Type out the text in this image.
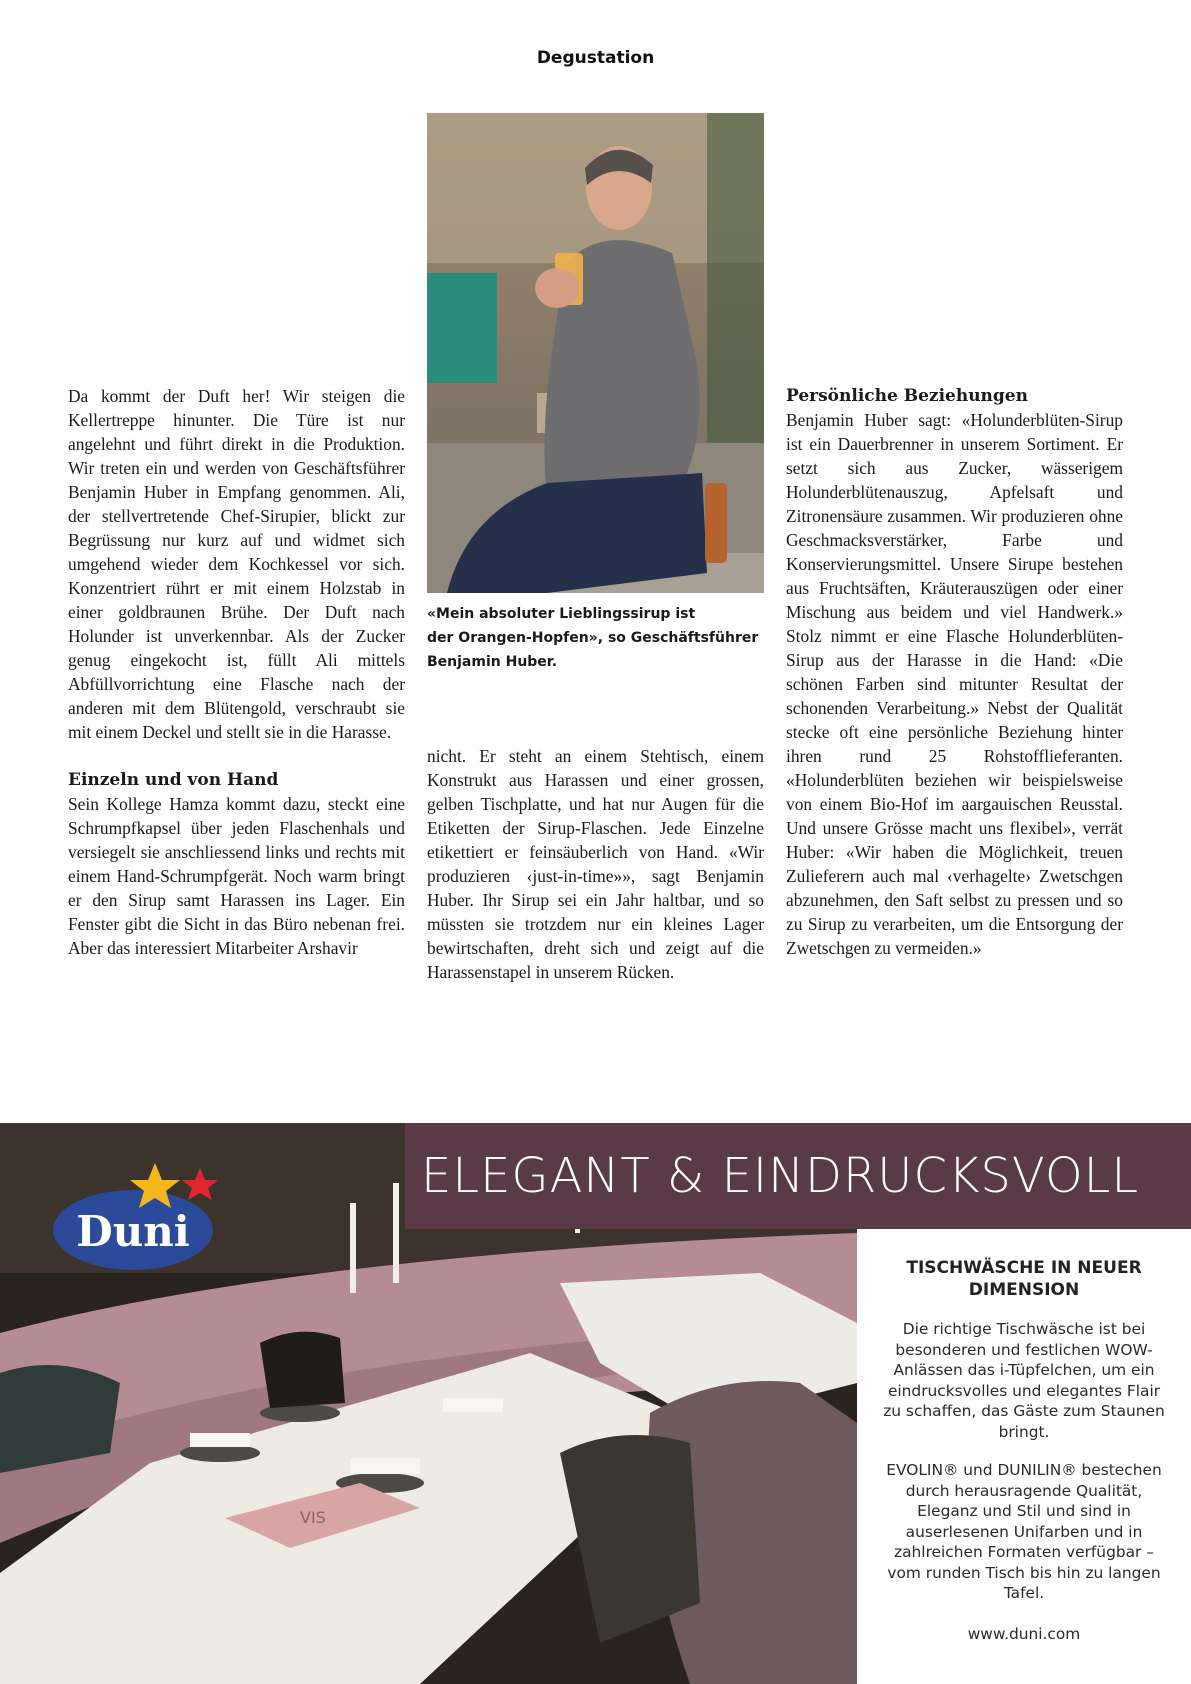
Degustation
«Mein absoluter Lieblingssirup ist
der Orangen-Hopfen», so Geschäftsführer
Benjamin Huber.

Da kommt der Duft her! Wir steigen die Kellertreppe hinunter. Die Türe ist nur angelehnt und führt direkt in die Produktion. Wir treten ein und werden von Geschäftsführer Benjamin Huber in Empfang genommen. Ali, der stellvertretende Chef-Sirupier, blickt zur Begrüssung nur kurz auf und widmet sich umgehend wieder dem Kochkessel vor sich. Konzentriert rührt er mit einem Holzstab in einer goldbraunen Brühe. Der Duft nach Holunder ist unverkennbar. Als der Zucker genug eingekocht ist, füllt Ali mittels Abfüllvorrichtung eine Flasche nach der anderen mit dem Blütengold, verschraubt sie mit einem Deckel und stellt sie in die Harasse.

Einzeln und von Hand

Sein Kollege Hamza kommt dazu, steckt eine Schrumpfkapsel über jeden Flaschenhals und versiegelt sie anschliessend links und rechts mit einem Hand-Schrumpfgerät. Noch warm bringt er den Sirup samt Harassen ins Lager. Ein Fenster gibt die Sicht in das Büro nebenan frei. Aber das interessiert Mitarbeiter Arshavir

nicht. Er steht an einem Stehtisch, einem Konstrukt aus Harassen und einer grossen, gelben Tischplatte, und hat nur Augen für die Etiketten der Sirup-Flaschen. Jede Einzelne etikettiert er feinsäuberlich von Hand. «Wir produzieren ‹just-in-time»», sagt Benjamin Huber. Ihr Sirup sei ein Jahr haltbar, und so müssten sie trotzdem nur ein kleines Lager bewirtschaften, dreht sich und zeigt auf die Harassenstapel in unserem Rücken.

Persönliche Beziehungen

Benjamin Huber sagt: «Holunderblüten-Sirup ist ein Dauerbrenner in unserem Sortiment. Er setzt sich aus Zucker, wässerigem Holunderblütenauszug, Apfelsaft und Zitronensäure zusammen. Wir produzieren ohne Geschmacksverstärker, Farbe und Konservierungsmittel. Unsere Sirupe bestehen aus Fruchtsäften, Kräuterauszügen oder einer Mischung aus beidem und viel Handwerk.» Stolz nimmt er eine Flasche Holunderblüten-Sirup aus der Harasse in die Hand: «Die schönen Farben sind mitunter Resultat der schonenden Verarbeitung.» Nebst der Qualität stecke oft eine persönliche Beziehung hinter ihren rund 25 Rohstofflieferanten. «Holunderblüten beziehen wir beispielsweise von einem Bio-Hof im aargauischen Reusstal. Und unsere Grösse macht uns flexibel», verrät Huber: «Wir haben die Möglichkeit, treuen Zulieferern auch mal ‹verhagelte› Zwetschgen abzunehmen, den Saft selbst zu pressen und so zu Sirup zu verarbeiten, um die Entsorgung der Zwetschgen zu vermeiden.»

VIS
ELEGANT & EINDRUCKSVOLL
Duni
TISCHWÄSCHE IN NEUER DIMENSION

Die richtige Tischwäsche ist bei besonderen und festlichen WOW-Anlässen das i-Tüpfelchen, um ein eindrucksvolles und elegantes Flair zu schaffen, das Gäste zum Staunen bringt.

EVOLIN® und DUNILIN® bestechen durch herausragende Qualität, Eleganz und Stil und sind in auserlesenen Unifarben und in zahlreichen Formaten verfügbar – vom runden Tisch bis hin zu langen Tafel.

www.duni.com
